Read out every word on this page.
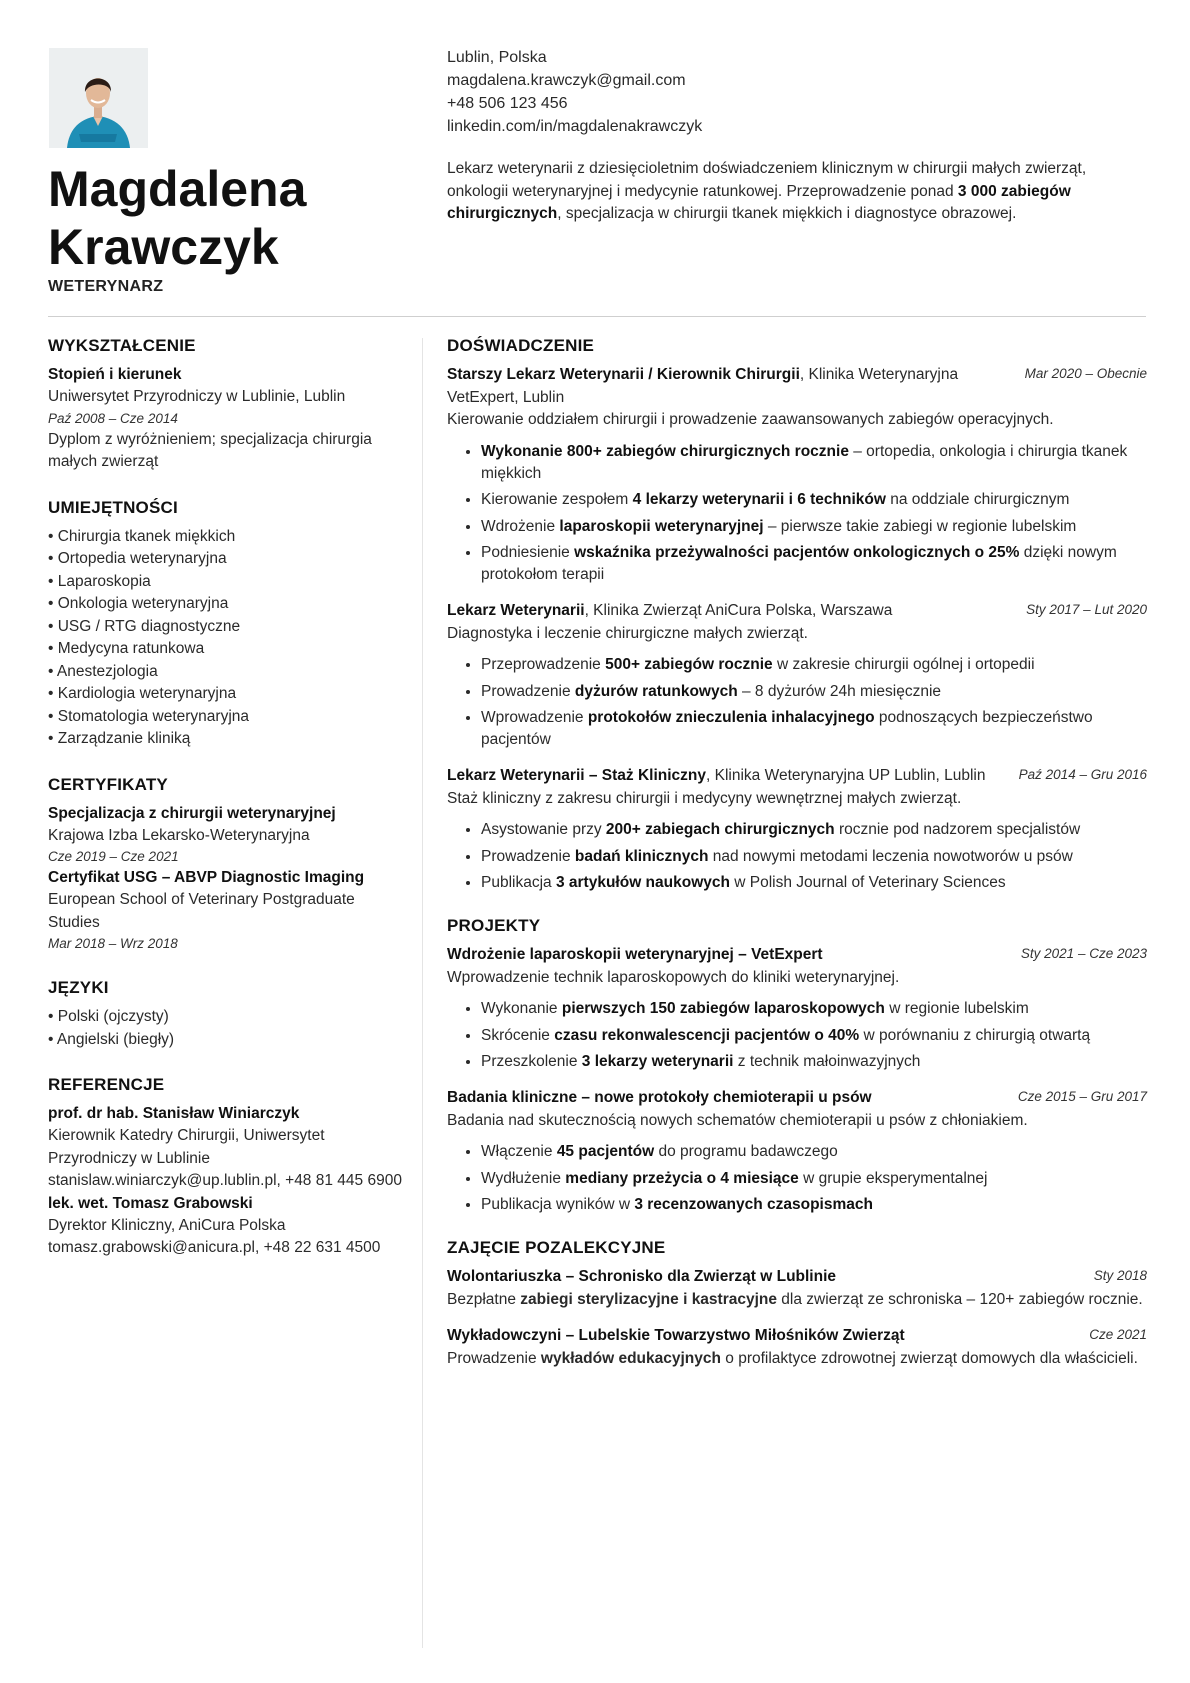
Magdalena
Krawczyk
WETERYNARZ
Lublin, Polska
magdalena.krawczyk@gmail.com
+48 506 123 456
linkedin.com/in/magdalenakrawczyk
Lekarz weterynarii z dziesięcioletnim doświadczeniem klinicznym w chirurgii małych zwierząt, onkologii weterynaryjnej i medycynie ratunkowej. Przeprowadzenie ponad 3 000 zabiegów chirurgicznych, specjalizacja w chirurgii tkanek miękkich i diagnostyce obrazowej.
WYKSZTAŁCENIE
Stopień i kierunek
Uniwersytet Przyrodniczy w Lublinie, Lublin
Paź 2008 – Cze 2014
Dyplom z wyróżnieniem; specjalizacja chirurgia małych zwierząt
UMIEJĘTNOŚCI
• Chirurgia tkanek miękkich
• Ortopedia weterynaryjna
• Laparoskopia
• Onkologia weterynaryjna
• USG / RTG diagnostyczne
• Medycyna ratunkowa
• Anestezjologia
• Kardiologia weterynaryjna
• Stomatologia weterynaryjna
• Zarządzanie kliniką
CERTYFIKATY
Specjalizacja z chirurgii weterynaryjnej
Krajowa Izba Lekarsko-Weterynaryjna
Cze 2019 – Cze 2021
Certyfikat USG – ABVP Diagnostic Imaging
European School of Veterinary Postgraduate Studies
Mar 2018 – Wrz 2018
JĘZYKI
• Polski (ojczysty)
• Angielski (biegły)
REFERENCJE
prof. dr hab. Stanisław Winiarczyk
Kierownik Katedry Chirurgii, Uniwersytet Przyrodniczy w Lublinie
stanislaw.winiarczyk@up.lublin.pl, +48 81 445 6900
lek. wet. Tomasz Grabowski
Dyrektor Kliniczny, AniCura Polska
tomasz.grabowski@anicura.pl, +48 22 631 4500
DOŚWIADCZENIE
Starszy Lekarz Weterynarii / Kierownik Chirurgii, Klinika Weterynaryjna VetExpert, Lublin
Mar 2020 – Obecnie
Kierowanie oddziałem chirurgii i prowadzenie zaawansowanych zabiegów operacyjnych.
• Wykonanie 800+ zabiegów chirurgicznych rocznie – ortopedia, onkologia i chirurgia tkanek miękkich
• Kierowanie zespołem 4 lekarzy weterynarii i 6 techników na oddziale chirurgicznym
• Wdrożenie laparoskopii weterynaryjnej – pierwsze takie zabiegi w regionie lubelskim
• Podniesienie wskaźnika przeżywalności pacjentów onkologicznych o 25% dzięki nowym protokołom terapii
Lekarz Weterynarii, Klinika Zwierząt AniCura Polska, Warszawa	Sty 2017 – Lut 2020
Diagnostyka i leczenie chirurgiczne małych zwierząt.
• Przeprowadzenie 500+ zabiegów rocznie w zakresie chirurgii ogólnej i ortopedii
• Prowadzenie dyżurów ratunkowych – 8 dyżurów 24h miesięcznie
• Wprowadzenie protokołów znieczulenia inhalacyjnego podnoszących bezpieczeństwo pacjentów
Lekarz Weterynarii – Staż Kliniczny, Klinika Weterynaryjna UP Lublin, Lublin Paź 2014 – Gru 2016
Staż kliniczny z zakresu chirurgii i medycyny wewnętrznej małych zwierząt.
• Asystowanie przy 200+ zabiegach chirurgicznych rocznie pod nadzorem specjalistów
• Prowadzenie badań klinicznych nad nowymi metodami leczenia nowotworów u psów
• Publikacja 3 artykułów naukowych w Polish Journal of Veterinary Sciences
PROJEKTY
Wdrożenie laparoskopii weterynaryjnej – VetExpert	Sty 2021 – Cze 2023
Wprowadzenie technik laparoskopowych do kliniki weterynaryjnej.
• Wykonanie pierwszych 150 zabiegów laparoskopowych w regionie lubelskim
• Skrócenie czasu rekonwalescencji pacjentów o 40% w porównaniu z chirurgią otwartą
• Przeszkolenie 3 lekarzy weterynarii z technik małoinwazyjnych
Badania kliniczne – nowe protokoły chemioterapii u psów	Cze 2015 – Gru 2017
Badania nad skutecznością nowych schematów chemioterapii u psów z chłoniakiem.
• Włączenie 45 pacjentów do programu badawczego
• Wydłużenie mediany przeżycia o 4 miesiące w grupie eksperymentalnej
• Publikacja wyników w 3 recenzowanych czasopismach
ZAJĘCIE POZALEKCYJNE
Wolontariuszka – Schronisko dla Zwierząt w Lublinie	Sty 2018
Bezpłatne zabiegi sterylizacyjne i kastracyjne dla zwierząt ze schroniska – 120+ zabiegów rocznie.
Wykładowczyni – Lubelskie Towarzystwo Miłośników Zwierząt	Cze 2021
Prowadzenie wykładów edukacyjnych o profilaktyce zdrowotnej zwierząt domowych dla właścicieli.
